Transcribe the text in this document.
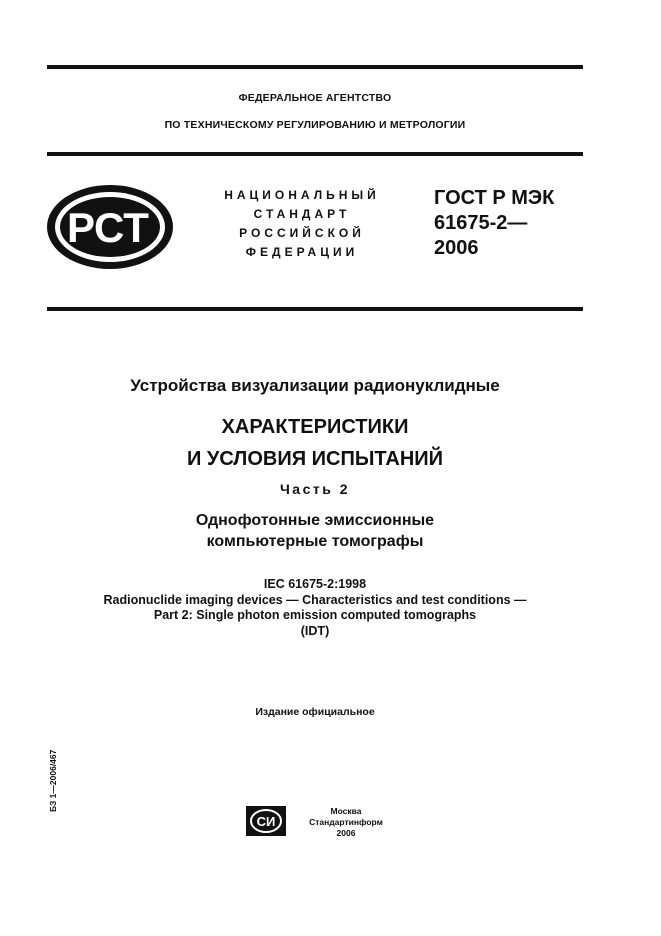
ФЕДЕРАЛЬНОЕ АГЕНТСТВО
ПО ТЕХНИЧЕСКОМУ РЕГУЛИРОВАНИЮ И МЕТРОЛОГИИ
РСТ
НАЦИОНАЛЬНЫЙ
СТАНДАРТ
РОССИЙСКОЙ
ФЕДЕРАЦИИ
ГОСТ Р МЭК
61675-2—
2006
Устройства визуализации радионуклидные
ХАРАКТЕРИСТИКИ
И УСЛОВИЯ ИСПЫТАНИЙ
Часть 2
Однофотонные эмиссионные
компьютерные томографы
IEC 61675-2:1998
Radionuclide imaging devices — Characteristics and test conditions —
Part 2: Single photon emission computed tomographs
(IDT)
Издание официальное
БЗ 1—2006/467
СИ
Москва
Стандартинформ
2006
